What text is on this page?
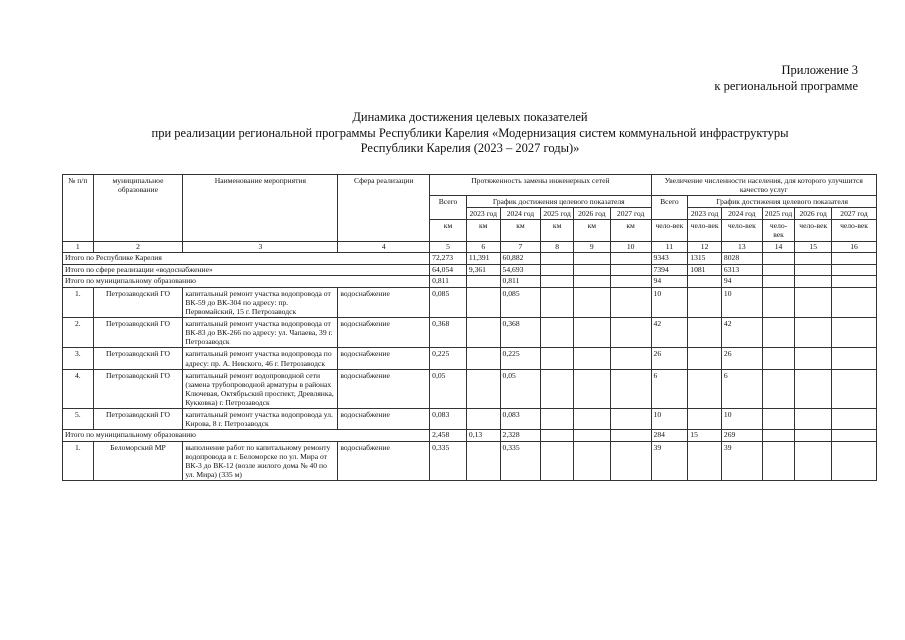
Приложение 3
к региональной программе
Динамика достижения целевых показателей
при реализации региональной программы Республики Карелия «Модернизация систем коммунальной инфраструктуры
Республики Карелия (2023 – 2027 годы)»
№ п/п	муниципальное образование	Наименование мероприятия	Сфера реализации	Протяженность замены инженерных сетей						Увеличение численности населения, для которого улучшится качество услуг					
				Всего	График достижения целевого показателя					Всего	График достижения целевого показателя				
					2023 год	2024 год	2025 год	2026 год	2027 год		2023 год	2024 год	2025 год	2026 год	2027 год
				км	км	км	км	км	км	чело-век	чело-век	чело-век	чело-век	чело-век	чело-век
1	2	3	4	5	6	7	8	9	10	11	12	13	14	15	16
Итого по Республике Карелия				72,273	11,391	60,882				9343	1315	8028			
Итого по сфере реализации «водоснабжение»				64,054	9,361	54,693				7394	1081	6313			
Итого по муниципальному образованию				0,811		0,811				94		94			
1.	Петрозаводский ГО	капитальный ремонт участка водопровода от ВК-59 до ВК-304 по адресу: пр. Первомайский, 15 г. Петрозаводск	водоснабжение	0,085		0,085				10		10			
2.	Петрозаводский ГО	капитальный ремонт участка водопровода от ВК-83 до ВК-266 по адресу: ул. Чапаева, 39 г. Петрозаводск	водоснабжение	0,368		0,368				42		42			
3.	Петрозаводский ГО	капитальный ремонт участка водопровода по адресу: пр. А. Невского, 46 г. Петрозаводск	водоснабжение	0,225		0,225				26		26			
4.	Петрозаводский ГО	капитальный ремонт водопроводной сети (замена трубопроводной арматуры в районах Ключевая, Октябрьский проспект, Древлянка, Кукковка) г. Петрозаводск	водоснабжение	0,05		0,05				6		6			
5.	Петрозаводский ГО	капитальный ремонт участка водопровода ул. Кирова, 8 г. Петрозаводск	водоснабжение	0,083		0,083				10		10			
Итого по муниципальному образованию				2,458	0,13	2,328				284	15	269			
1.	Беломорский МР	выполнение работ по капитальному ремонту водопровода в г. Беломорске по ул. Мира от ВК-3 до ВК-12 (возле жилого дома № 40 по ул. Мира) (335 м)	водоснабжение	0,335		0,335				39		39			
